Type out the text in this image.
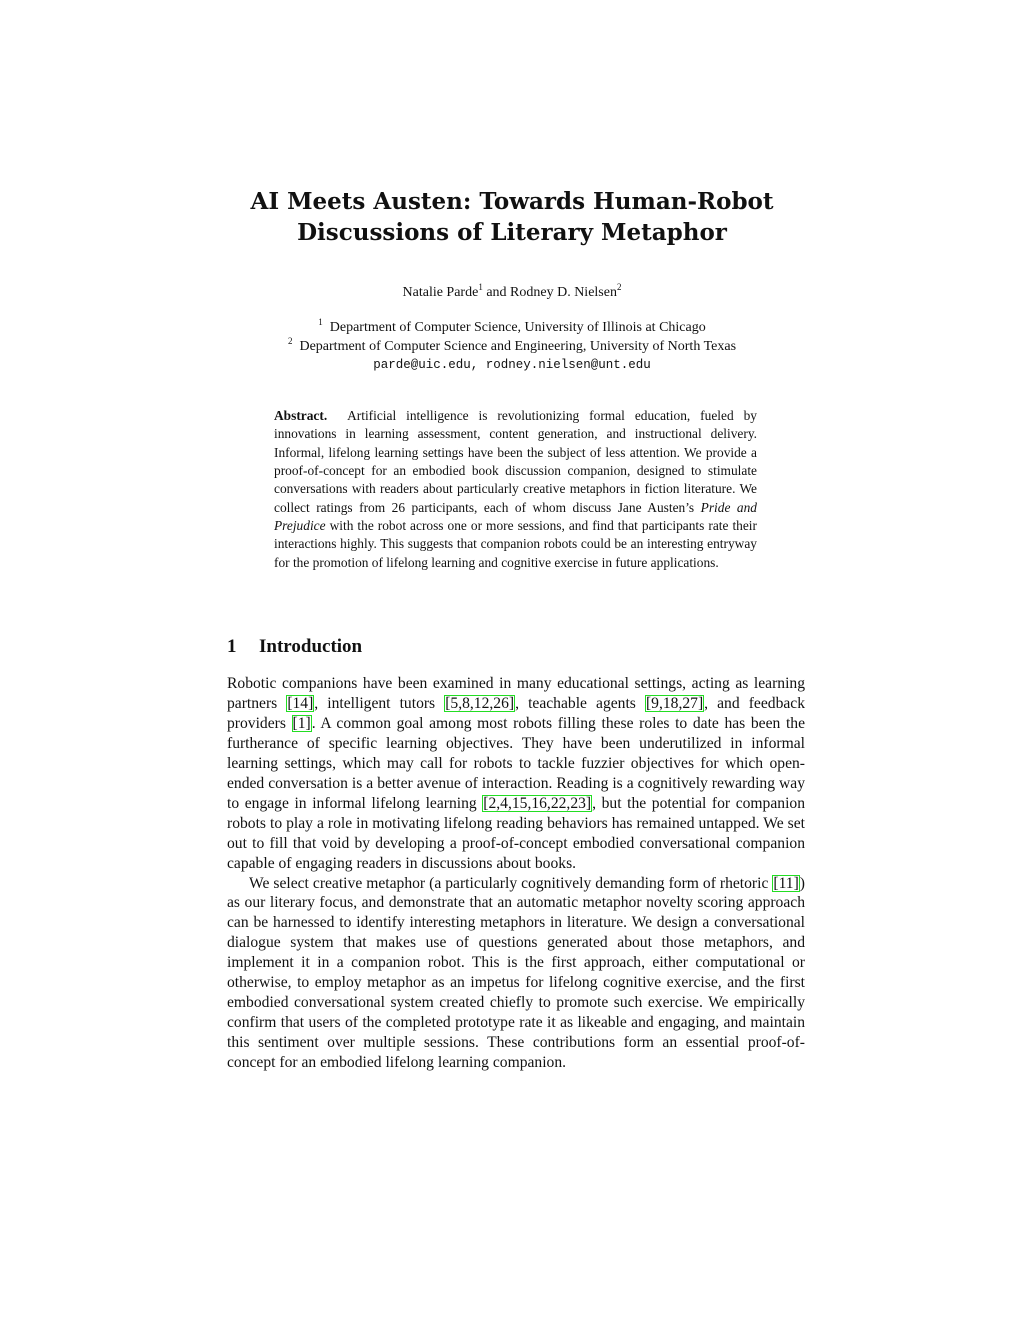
AI Meets Austen: Towards Human-Robot
Discussions of Literary Metaphor
Natalie Parde$^1$ and Rodney D. Nielsen$^2$
$^1$ Department of Computer Science, University of Illinois at Chicago
$^2$ Department of Computer Science and Engineering, University of North Texas
parde@uic.edu, rodney.nielsen@unt.edu
Abstract. Artificial intelligence is revolutionizing formal education, fueled by innovations in learning assessment, content generation, and instructional delivery. Informal, lifelong learning settings have been the subject of less attention. We provide a proof-of-concept for an embodied book discussion companion, designed to stimulate conversations with readers about particularly creative metaphors in fiction literature. We collect ratings from 26 participants, each of whom discuss Jane Austen’s Pride and Prejudice with the robot across one or more sessions, and find that participants rate their interactions highly. This suggests that companion robots could be an interesting entryway for the promotion of lifelong learning and cognitive exercise in future applications.
1 Introduction

Robotic companions have been examined in many educational settings, acting as learning partners [14], intelligent tutors [5,8,12,26], teachable agents [9,18,27], and feedback providers [1]. A common goal among most robots filling these roles to date has been the furtherance of specific learning objectives. They have been underutilized in informal learning settings, which may call for robots to tackle fuzzier objectives for which open-ended conversation is a better avenue of interaction. Reading is a cognitively rewarding way to engage in informal lifelong learning [2,4,15,16,22,23], but the potential for companion robots to play a role in motivating lifelong reading behaviors has remained untapped. We set out to fill that void by developing a proof-of-concept embodied conversational companion capable of engaging readers in discussions about books.

We select creative metaphor (a particularly cognitively demanding form of rhetoric [11]) as our literary focus, and demonstrate that an automatic metaphor novelty scoring approach can be harnessed to identify interesting metaphors in literature. We design a conversational dialogue system that makes use of questions generated about those metaphors, and implement it in a companion robot. This is the first approach, either computational or otherwise, to employ metaphor as an impetus for lifelong cognitive exercise, and the first embodied conversational system created chiefly to promote such exercise. We empirically confirm that users of the completed prototype rate it as likeable and engaging, and maintain this sentiment over multiple sessions. These contributions form an essential proof-of-concept for an embodied lifelong learning companion.
